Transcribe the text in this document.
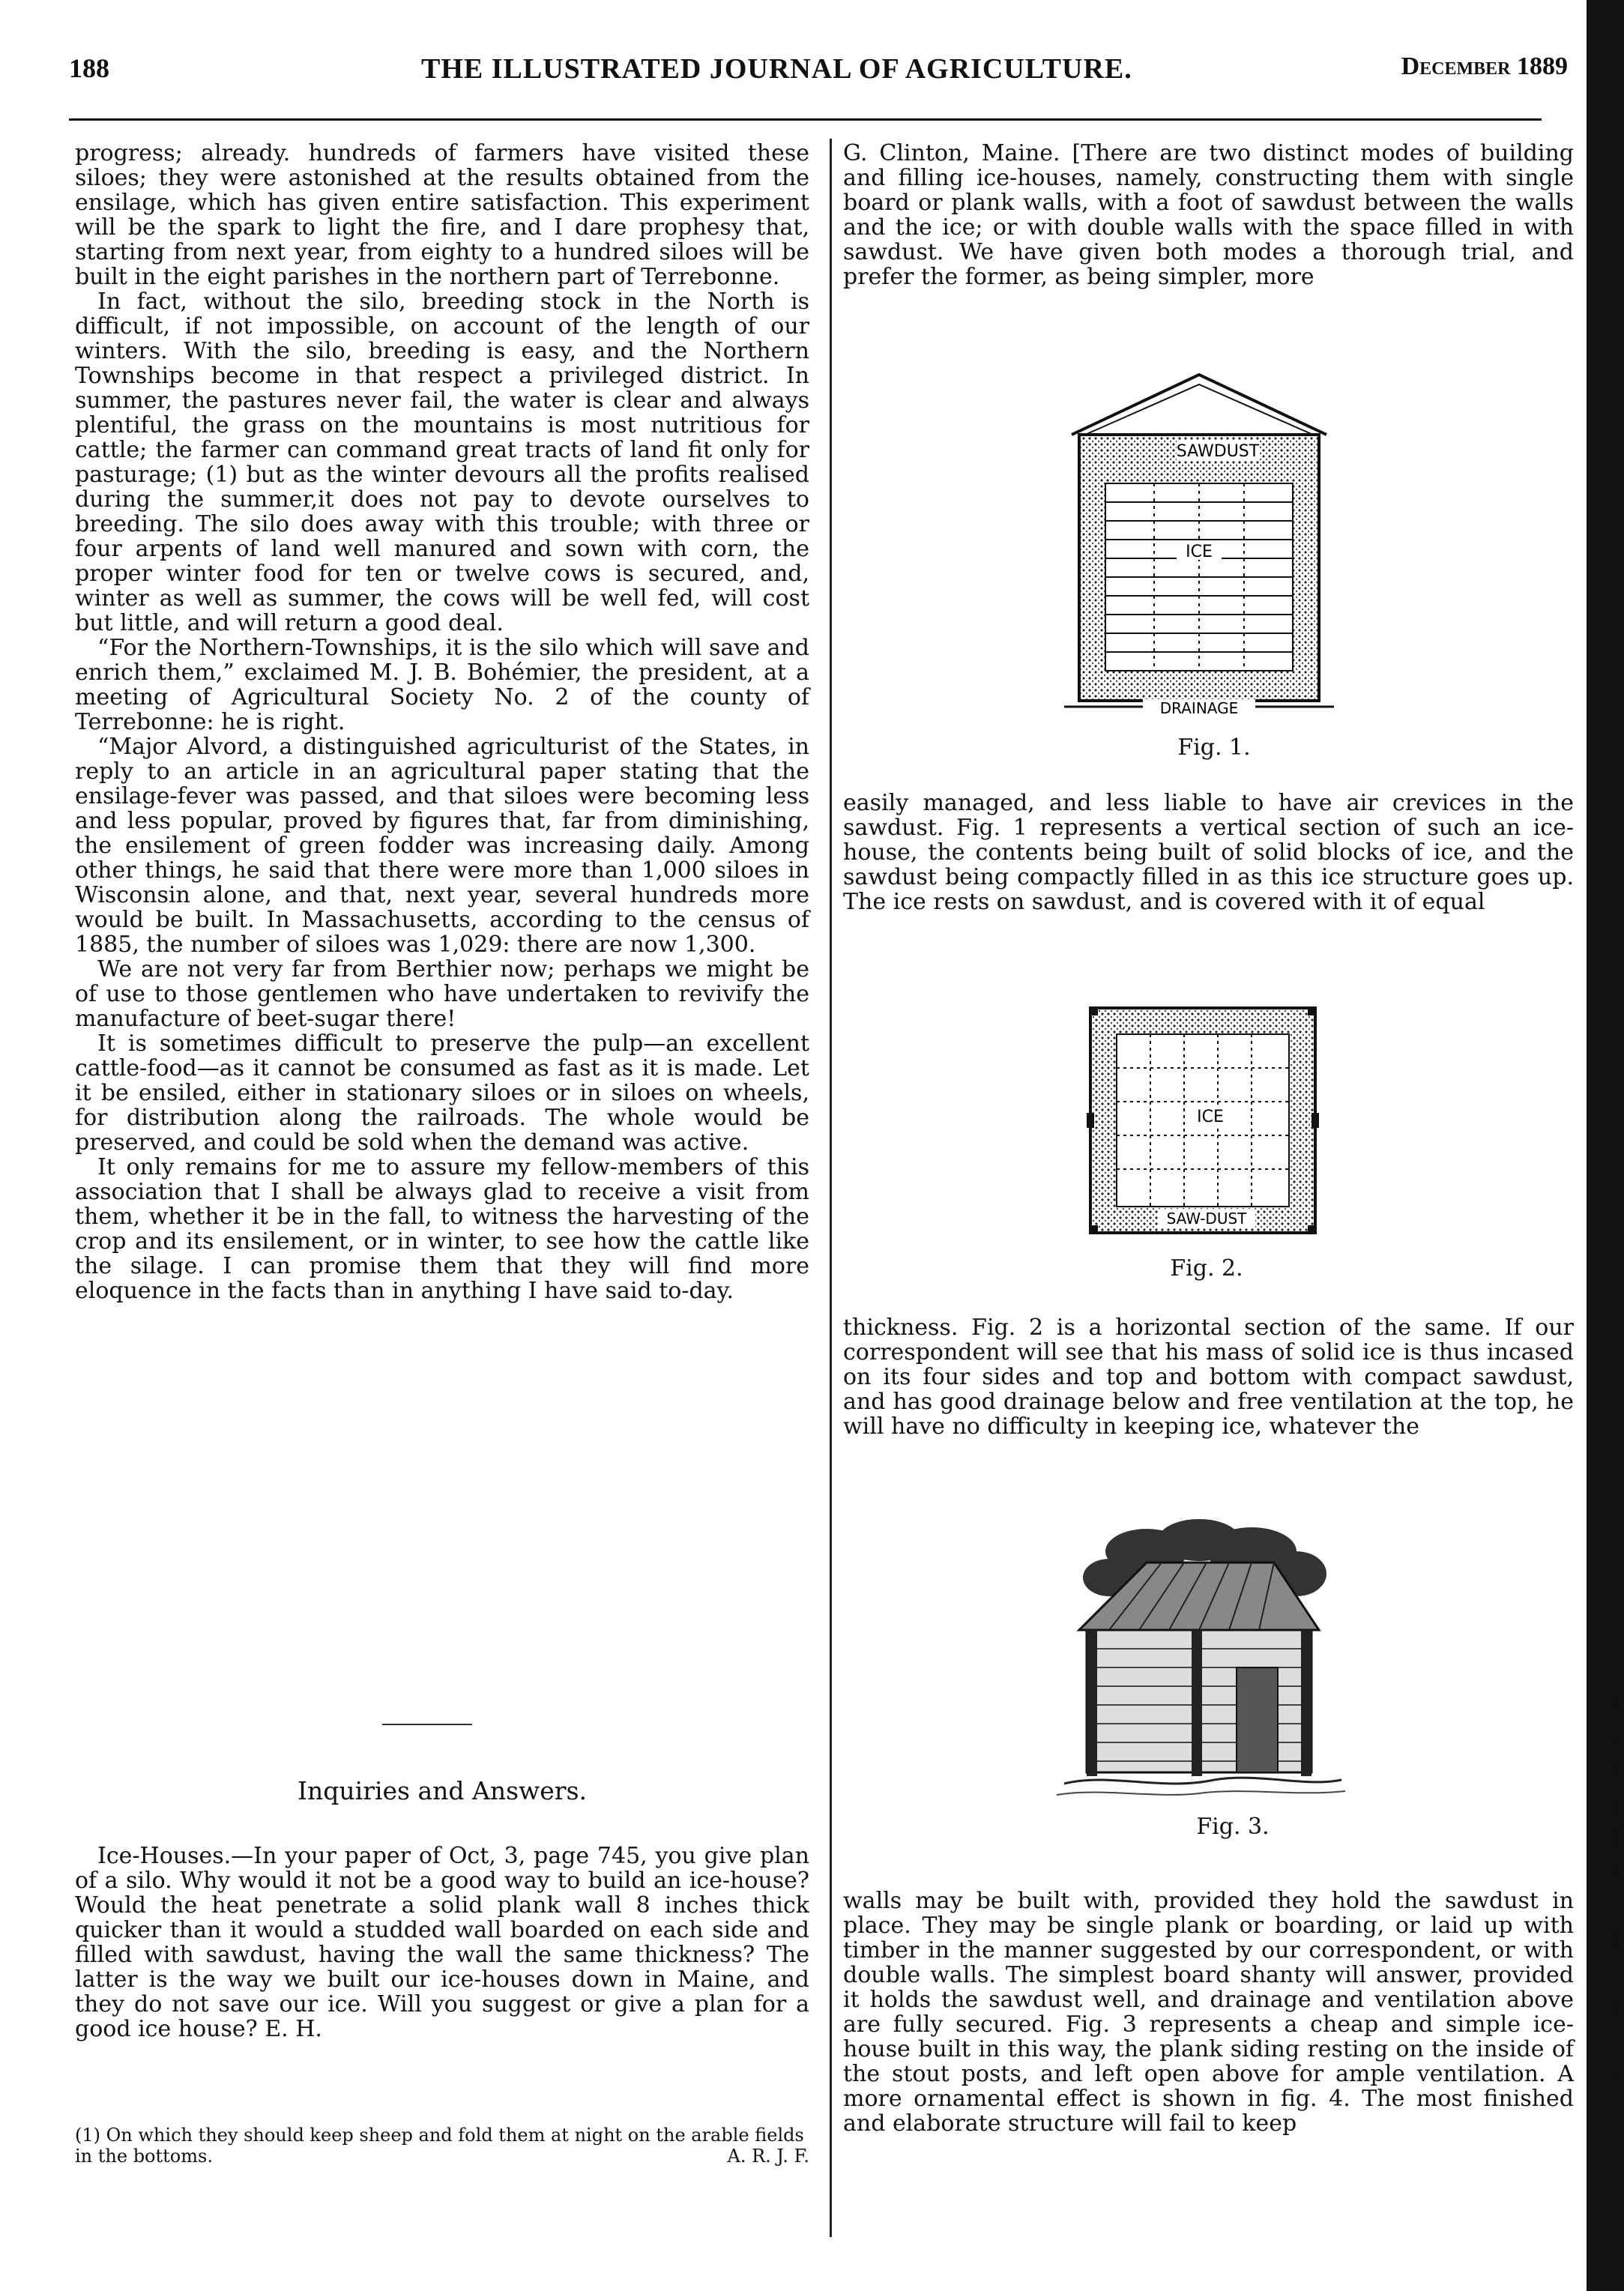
188	THE ILLUSTRATED JOURNAL OF AGRICULTURE.	December 1889

progress; already. hundreds of farmers have visited these siloes; they were astonished at the results obtained from the ensilage, which has given entire satisfaction. This experiment will be the spark to light the fire, and I dare prophesy that, starting from next year, from eighty to a hundred siloes will be built in the eight parishes in the northern part of Terrebonne.

In fact, without the silo, breeding stock in the North is difficult, if not impossible, on account of the length of our winters. With the silo, breeding is easy, and the Northern Townships become in that respect a privileged district. In summer, the pastures never fail, the water is clear and always plentiful, the grass on the mountains is most nutritious for cattle; the farmer can command great tracts of land fit only for pasturage; (1) but as the winter devours all the profits realised during the summer,it does not pay to devote ourselves to breeding. The silo does away with this trouble; with three or four arpents of land well manured and sown with corn, the proper winter food for ten or twelve cows is secured, and, winter as well as summer, the cows will be well fed, will cost but little, and will return a good deal.

“For the Northern-Townships, it is the silo which will save and enrich them,” exclaimed M. J. B. Bohémier, the president, at a meeting of Agricultural Society No. 2 of the county of Terrebonne: he is right.

“Major Alvord, a distinguished agriculturist of the States, in reply to an article in an agricultural paper stating that the ensilage-fever was passed, and that siloes were becoming less and less popular, proved by figures that, far from diminishing, the ensilement of green fodder was increasing daily. Among other things, he said that there were more than 1,000 siloes in Wisconsin alone, and that, next year, several hundreds more would be built. In Massachusetts, according to the census of 1885, the number of siloes was 1,029: there are now 1,300.

We are not very far from Berthier now; perhaps we might be of use to those gentlemen who have undertaken to revivify the manufacture of beet-sugar there!

It is sometimes difficult to preserve the pulp—an excellent cattle-food—as it cannot be consumed as fast as it is made. Let it be ensiled, either in stationary siloes or in siloes on wheels, for distribution along the railroads. The whole would be preserved, and could be sold when the demand was active.

It only remains for me to assure my fellow-members of this association that I shall be always glad to receive a visit from them, whether it be in the fall, to witness the harvesting of the crop and its ensilement, or in winter, to see how the cattle like the silage. I can promise them that they will find more eloquence in the facts than in anything I have said to-day.

Inquiries and Answers.

Ice-Houses.—In your paper of Oct, 3, page 745, you give plan of a silo. Why would it not be a good way to build an ice-house? Would the heat penetrate a solid plank wall 8 inches thick quicker than it would a studded wall boarded on each side and filled with sawdust, having the wall the same thickness? The latter is the way we built our ice-houses down in Maine, and they do not save our ice. Will you suggest or give a plan for a good ice house? E. H.

(1) On which they should keep sheep and fold them at night on the arable fields in the bottoms.	A. R. J. F.

G. Clinton, Maine. [There are two distinct modes of building and filling ice-houses, namely, constructing them with single board or plank walls, with a foot of sawdust between the walls and the ice; or with double walls with the space filled in with sawdust. We have given both modes a thorough trial, and prefer the former, as being simpler, more

easily managed, and less liable to have air crevices in the sawdust. Fig. 1 represents a vertical section of such an ice-house, the contents being built of solid blocks of ice, and the sawdust being compactly filled in as this ice structure goes up. The ice rests on sawdust, and is covered with it of equal

thickness. Fig. 2 is a horizontal section of the same. If our correspondent will see that his mass of solid ice is thus incased on its four sides and top and bottom with compact sawdust, and has good drainage below and free ventilation at the top, he will have no difficulty in keeping ice, whatever the

walls may be built with, provided they hold the sawdust in place. They may be single plank or boarding, or laid up with timber in the manner suggested by our correspondent, or with double walls. The simplest board shanty will answer, provided it holds the sawdust well, and drainage and ventilation above are fully secured. Fig. 3 represents a cheap and simple ice-house built in this way, the plank siding resting on the inside of the stout posts, and left open above for ample ventilation. A more ornamental effect is shown in fig. 4. The most finished and elaborate structure will fail to keep

SAWDUST
ICE
DRAINAGE
Fig. 1.
ICE
SAW-DUST
Fig. 2.
Fig. 3.
!
.
!
j
!
i
:
!
:
(
:
;
